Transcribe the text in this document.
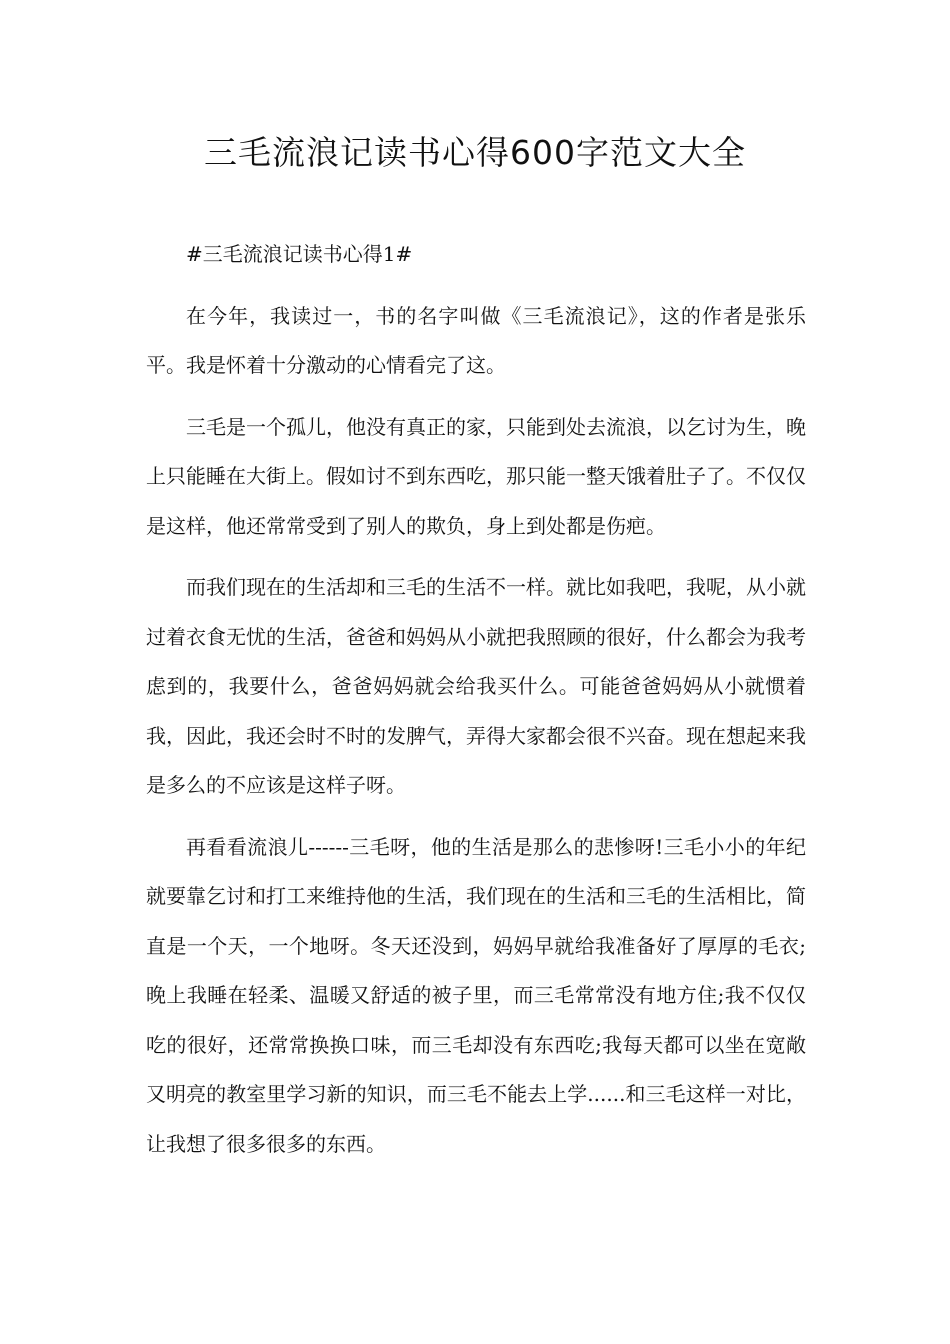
三毛流浪记读书心得600字范文大全

#三毛流浪记读书心得1#

在今年，我读过一，书的名字叫做《三毛流浪记》，这的作者是张乐平。我是怀着十分激动的心情看完了这。

三毛是一个孤儿，他没有真正的家，只能到处去流浪，以乞讨为生，晚上只能睡在大街上。假如讨不到东西吃，那只能一整天饿着肚子了。不仅仅是这样，他还常常受到了别人的欺负，身上到处都是伤疤。

而我们现在的生活却和三毛的生活不一样。就比如我吧，我呢，从小就过着衣食无忧的生活，爸爸和妈妈从小就把我照顾的很好，什么都会为我考虑到的，我要什么，爸爸妈妈就会给我买什么。可能爸爸妈妈从小就惯着我，因此，我还会时不时的发脾气，弄得大家都会很不兴奋。现在想起来我是多么的不应该是这样子呀。

再看看流浪儿------三毛呀，他的生活是那么的悲惨呀!三毛小小的年纪就要靠乞讨和打工来维持他的生活，我们现在的生活和三毛的生活相比，简直是一个天，一个地呀。冬天还没到，妈妈早就给我准备好了厚厚的毛衣;晚上我睡在轻柔、温暖又舒适的被子里，而三毛常常没有地方住;我不仅仅吃的很好，还常常换换口味，而三毛却没有东西吃;我每天都可以坐在宽敞又明亮的教室里学习新的知识，而三毛不能去上学......和三毛这样一对比，让我想了很多很多的东西。
